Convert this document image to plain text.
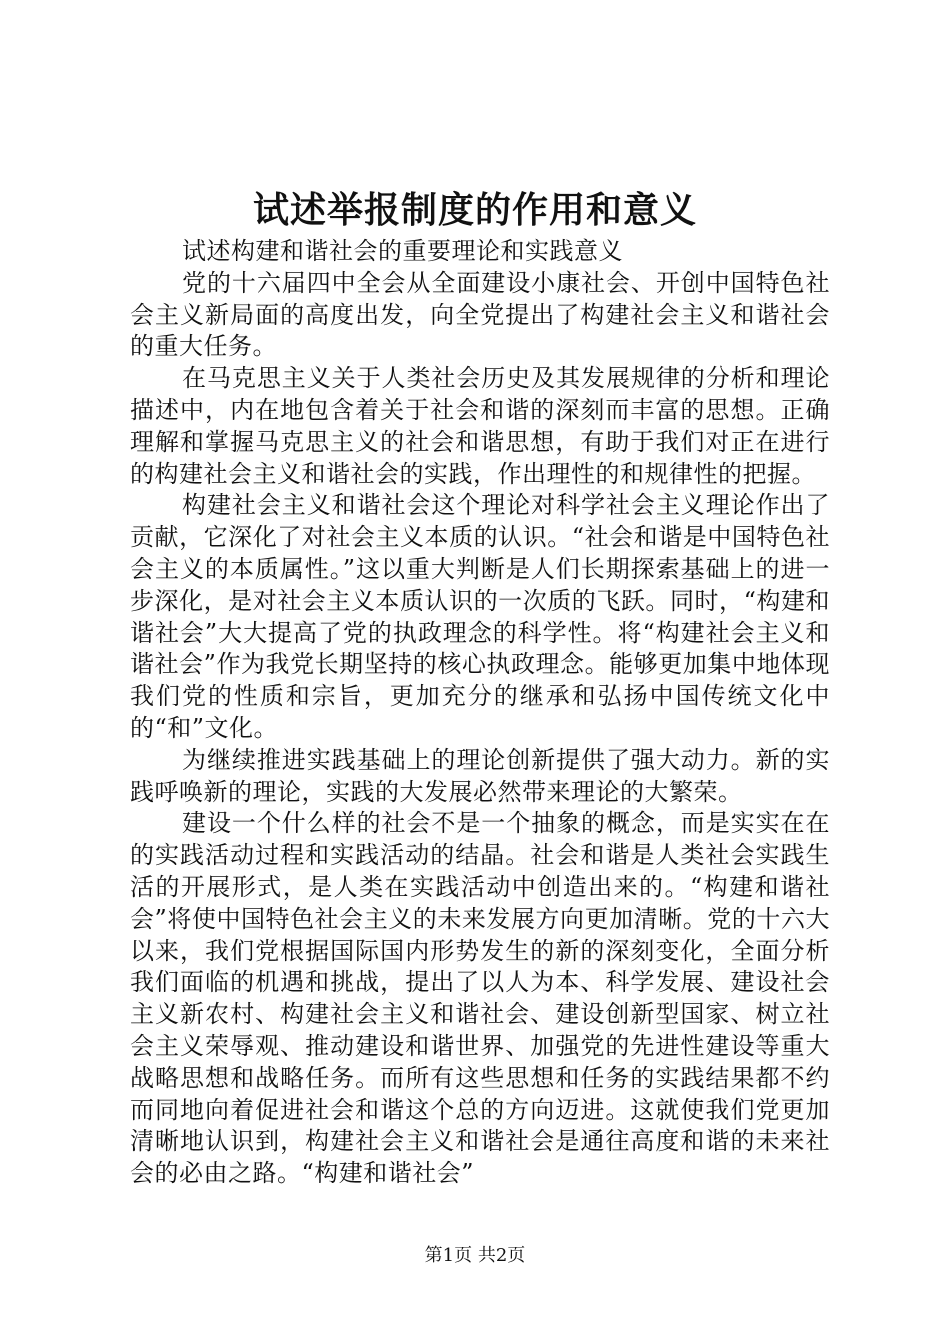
试述举报制度的作用和意义

试述构建和谐社会的重要理论和实践意义

党的十六届四中全会从全面建设小康社会、开创中国特色社会主义新局面的高度出发，向全党提出了构建社会主义和谐社会的重大任务。

在马克思主义关于人类社会历史及其发展规律的分析和理论描述中，内在地包含着关于社会和谐的深刻而丰富的思想。正确理解和掌握马克思主义的社会和谐思想，有助于我们对正在进行的构建社会主义和谐社会的实践，作出理性的和规律性的把握。

构建社会主义和谐社会这个理论对科学社会主义理论作出了贡献，它深化了对社会主义本质的认识。“社会和谐是中国特色社会主义的本质属性。”这以重大判断是人们长期探索基础上的进一步深化，是对社会主义本质认识的一次质的飞跃。同时，“构建和谐社会”大大提高了党的执政理念的科学性。将“构建社会主义和谐社会”作为我党长期坚持的核心执政理念。能够更加集中地体现我们党的性质和宗旨，更加充分的继承和弘扬中国传统文化中的“和”文化。

为继续推进实践基础上的理论创新提供了强大动力。新的实践呼唤新的理论，实践的大发展必然带来理论的大繁荣。

建设一个什么样的社会不是一个抽象的概念，而是实实在在的实践活动过程和实践活动的结晶。社会和谐是人类社会实践生活的开展形式，是人类在实践活动中创造出来的。“构建和谐社会”将使中国特色社会主义的未来发展方向更加清晰。党的十六大以来，我们党根据国际国内形势发生的新的深刻变化，全面分析我们面临的机遇和挑战，提出了以人为本、科学发展、建设社会主义新农村、构建社会主义和谐社会、建设创新型国家、树立社会主义荣辱观、推动建设和谐世界、加强党的先进性建设等重大战略思想和战略任务。而所有这些思想和任务的实践结果都不约而同地向着促进社会和谐这个总的方向迈进。这就使我们党更加清晰地认识到，构建社会主义和谐社会是通往高度和谐的未来社会的必由之路。“构建和谐社会”

第1页 共2页
